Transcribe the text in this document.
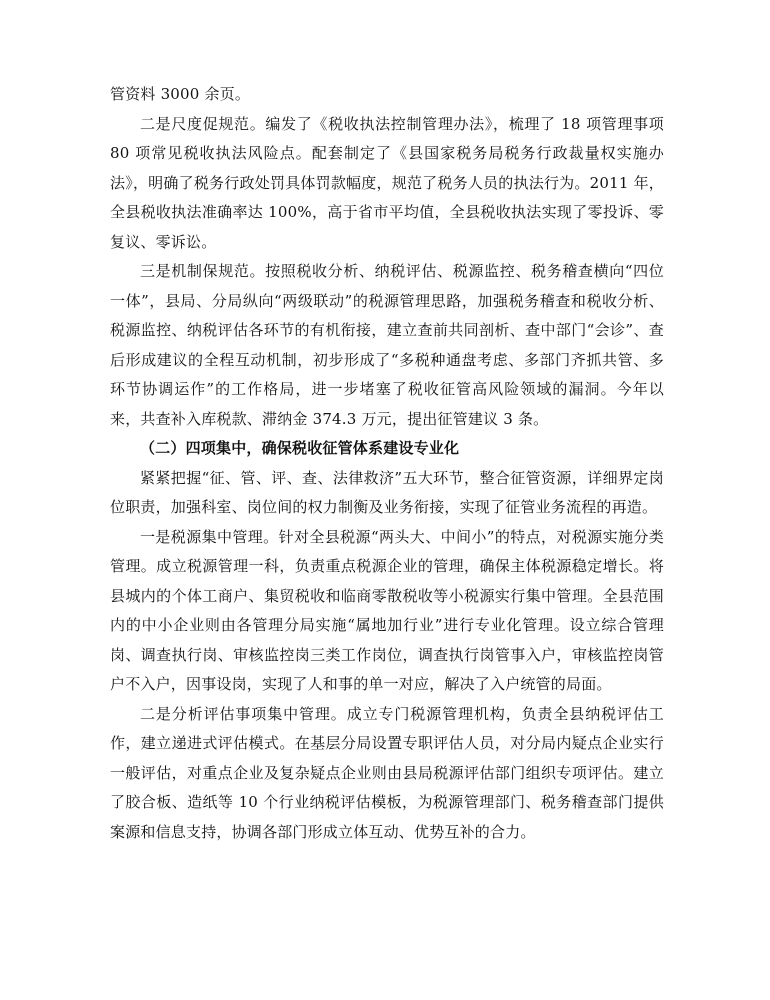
管资料 3000 余页。

二是尺度促规范。编发了《税收执法控制管理办法》，梳理了 18 项管理事项 80 项常见税收执法风险点。配套制定了《县国家税务局税务行政裁量权实施办法》，明确了税务行政处罚具体罚款幅度，规范了税务人员的执法行为。2011 年，全县税收执法准确率达 100%，高于省市平均值，全县税收执法实现了零投诉、零复议、零诉讼。

三是机制保规范。按照税收分析、纳税评估、税源监控、税务稽查横向“四位一体”，县局、分局纵向“两级联动”的税源管理思路，加强税务稽查和税收分析、税源监控、纳税评估各环节的有机衔接，建立查前共同剖析、查中部门“会诊”、查后形成建议的全程互动机制，初步形成了“多税种通盘考虑、多部门齐抓共管、多环节协调运作”的工作格局，进一步堵塞了税收征管高风险领域的漏洞。今年以来，共查补入库税款、滞纳金 374.3 万元，提出征管建议 3 条。

（二）四项集中，确保税收征管体系建设专业化

紧紧把握“征、管、评、查、法律救济”五大环节，整合征管资源，详细界定岗位职责，加强科室、岗位间的权力制衡及业务衔接，实现了征管业务流程的再造。

一是税源集中管理。针对全县税源“两头大、中间小”的特点，对税源实施分类管理。成立税源管理一科，负责重点税源企业的管理，确保主体税源稳定增长。将县城内的个体工商户、集贸税收和临商零散税收等小税源实行集中管理。全县范围内的中小企业则由各管理分局实施“属地加行业”进行专业化管理。设立综合管理岗、调查执行岗、审核监控岗三类工作岗位，调查执行岗管事入户，审核监控岗管户不入户，因事设岗，实现了人和事的单一对应，解决了入户统管的局面。

二是分析评估事项集中管理。成立专门税源管理机构，负责全县纳税评估工作，建立递进式评估模式。在基层分局设置专职评估人员，对分局内疑点企业实行一般评估，对重点企业及复杂疑点企业则由县局税源评估部门组织专项评估。建立了胶合板、造纸等 10 个行业纳税评估模板，为税源管理部门、税务稽查部门提供案源和信息支持，协调各部门形成立体互动、优势互补的合力。
